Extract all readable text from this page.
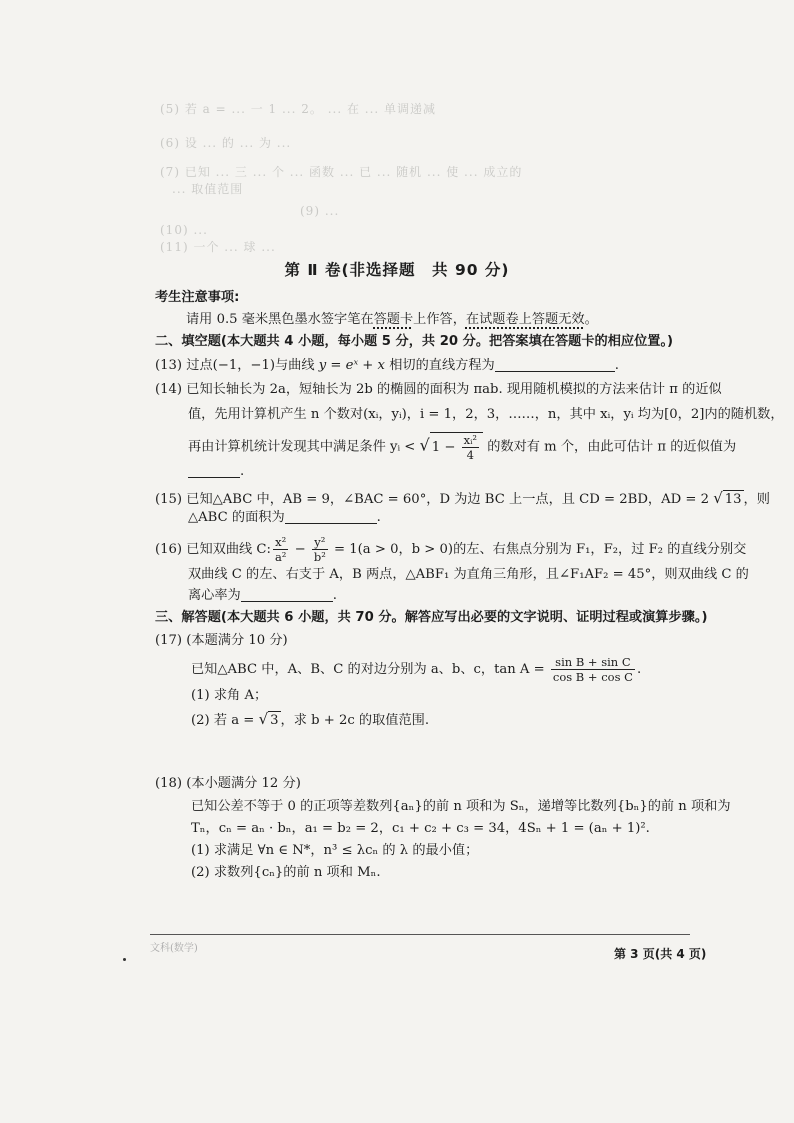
(5) 若 a = ... 一 1 ... 2。 ... 在 ... 单调递减
(6) 设 ... 的 ... 为 ...
(7) 已知 ... 三 ... 个 ... 函数 ... 已 ... 随机 ... 使 ... 成立的
... 取值范围
(9) ...
(10) ...
(11) 一个 ... 球 ...
第 Ⅱ 卷(非选择题　共 90 分)
考生注意事项:
请用 0.5 毫米黑色墨水签字笔在答题卡上作答，在试题卷上答题无效。
二、填空题(本大题共 4 小题，每小题 5 分，共 20 分。把答案填在答题卡的相应位置。)
(13) 过点(−1，−1)与曲线 y = eˣ + x 相切的直线方程为	.
(14) 已知长轴长为 2a，短轴长为 2b 的椭圆的面积为 πab. 现用随机模拟的方法来估计 π 的近似
值，先用计算机产生 n 个数对(xᵢ，yᵢ)，i = 1，2，3，……，n，其中 xᵢ，yᵢ 均为[0，2]内的随机数，
再由计算机统计发现其中满足条件 yᵢ < √ $1 - \frac{\text{xᵢ²}}{4}$ 的数对有 m 个，由此可估计 π 的近似值为
.
(15) 已知△ABC 中，AB = 9，∠BAC = 60°，D 为边 BC 上一点，且 CD = 2BD，AD = 2 √ 13 ，则
△ABC 的面积为	.
(16) 已知双曲线 C: $\frac{\text{x²}}{\text{a²}} - \frac{\text{y²}}{\text{b²}} = 1(a > 0$，b > 0)的左、右焦点分别为 F₁，F₂，过 F₂ 的直线分别交
双曲线 C 的左、右支于 A，B 两点，△ABF₁ 为直角三角形，且∠F₁AF₂ = 45°，则双曲线 C 的
离心率为	.
三、解答题(本大题共 6 小题，共 70 分。解答应写出必要的文字说明、证明过程或演算步骤。)
(17) (本题满分 10 分)
已知△ABC 中，A、B、C 的对边分别为 a、b、c，$\tan A = \frac{\text{sin B + sin C}}{\text{cos B + cos C}}$ .
(1) 求角 A；
(2) 若 a = √ 3 ，求 b + 2c 的取值范围.
(18) (本小题满分 12 分)
已知公差不等于 0 的正项等差数列{aₙ}的前 n 项和为 Sₙ，递增等比数列{bₙ}的前 n 项和为
Tₙ，cₙ = aₙ · bₙ，a₁ = b₂ = 2，c₁ + c₂ + c₃ = 34，4Sₙ + 1 = (aₙ + 1)².
(1) 求满足 ∀n ∈ N*，n³ ≤ λcₙ 的 λ 的最小值；
(2) 求数列{cₙ}的前 n 项和 Mₙ.
文科(数学)	第 3 页(共 4 页)
